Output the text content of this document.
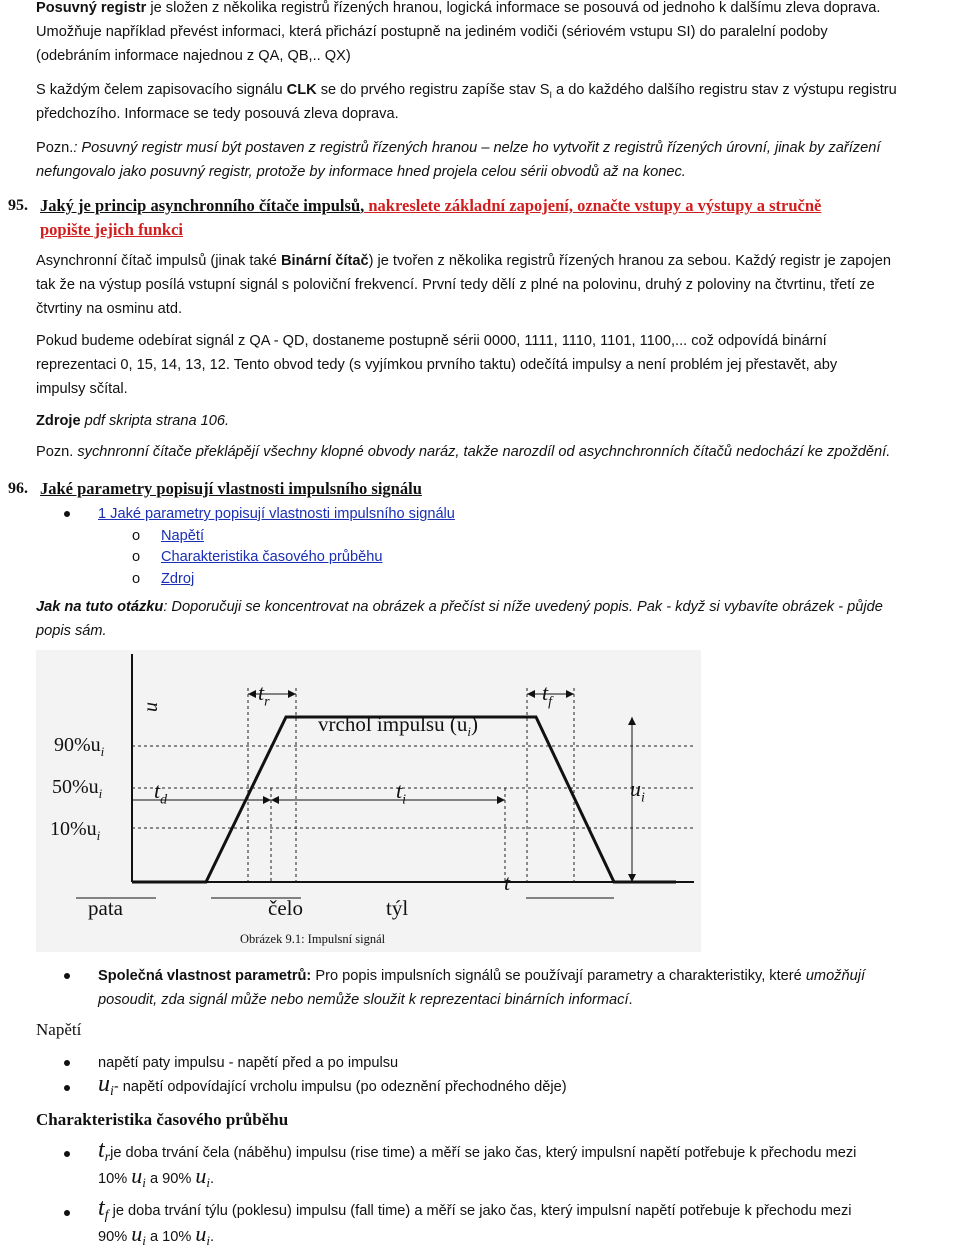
Posuvný registr je složen z několika registrů řízených hranou, logická informace se posouvá od jednoho k dalšímu zleva doprava.
Umožňuje například převést informaci, která přichází postupně na jediném vodiči (sériovém vstupu SI) do paralelní podoby
(odebráním informace najednou z QA, QB,.. QX)
S každým čelem zapisovacího signálu CLK se do prvého registru zapíše stav $S_I$ a do každého dalšího registru stav z výstupu registru
předchozího. Informace se tedy posouvá zleva doprava.
Pozn.: Posuvný registr musí být postaven z registrů řízených hranou – nelze ho vytvořit z registrů řízených úrovní, jinak by zařízení
nefungovalo jako posuvný registr, protože by informace hned projela celou sérii obvodů až na konec.
95. Jaký je princip asynchronního čítače impulsů, nakreslete základní zapojení, označte vstupy a výstupy a stručně
popište jejich funkci
Asynchronní čítač impulsů (jinak také Binární čítač) je tvořen z několika registrů řízených hranou za sebou. Každý registr je zapojen
tak že na výstup posílá vstupní signál s poloviční frekvencí. První tedy dělí z plné na polovinu, druhý z poloviny na čtvrtinu, třetí ze
čtvrtiny na osminu atd.
Pokud budeme odebírat signál z QA - QD, dostaneme postupně sérii 0000, 1111, 1110, 1101, 1100,... což odpovídá binární
reprezentaci 0, 15, 14, 13, 12. Tento obvod tedy (s vyjímkou prvního taktu) odečítá impulsy a není problém jej přestavět, aby
impulsy sčítal.
Zdroje pdf skripta strana 106.
Pozn. sychnronní čítače překlápějí všechny klopné obvody naráz, takže narozdíl od asychnchronních čítačů nedochází ke zpoždění.
96. Jaké parametry popisují vlastnosti impulsního signálu
1 Jaké parametry popisují vlastnosti impulsního signálu
o Napětí
o Charakteristika časového průběhu
o Zdroj
Jak na tuto otázku: Doporučuji se koncentrovat na obrázek a přečíst si níže uvedený popis. Pak - když si vybavíte obrázek - půjde
popis sám.
u
$90\%u_i$
$50\%u_i$
$10\%u_i$
$t_r$	$t_f$
$t_d$	$t_i$
vrchol impulsu $(u_i)$
$u_i$
t
pata	čelo	týl
Obrázek 9.1: Impulsní signál
Společná vlastnost parametrů: Pro popis impulsních signálů se používají parametry a charakteristiky, které umožňují
posoudit, zda signál může nebo nemůže sloužit k reprezentaci binárních informací.
Napětí
napětí paty impulsu - napětí před a po impulsu
$u_i-$ napětí odpovídající vrcholu impulsu (po odeznění přechodného děje)
Charakteristika časového průběhu
$t_rje$ doba trvání čela (náběhu) impulsu (rise time) a měří se jako čas, který impulsní napětí potřebuje k přechodu mezi
10% $u_i$ a 90% $u_i$.
$t_f$ je doba trvání týlu (poklesu) impulsu (fall time) a měří se jako čas, který impulsní napětí potřebuje k přechodu mezi
90% $u_i$ a 10% $u_i$.
